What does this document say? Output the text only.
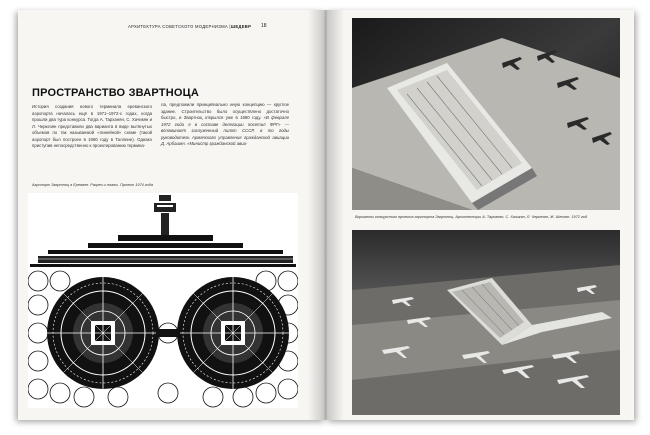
АРХИТЕКТУРА СОВЕТСКОГО МОДЕРНИЗМА |ШЕДЕВР 18
ПРОСТРАНСТВО ЗВАРТНОЦА
История создания нового терминала ереванского аэропорта началась ещё в 1971–1972-х годах, когда прошли два тура конкурса. Тогда А. Тарханян, С. Хачикян и Л. Черкезян представили два варианта в виде вытянутых объемов по так называемой «линейной» схеме (такой аэропорт был построен в 1980 году в Таллине). Однако приступив непосредственно к проектированию термина-
ла, предложили принципиально иную концепцию — круглое здание. Строительство было осуществлено достаточно быстро, и Звартноц открылся уже в 1980 году. «В феврале 1972 года я в составе делегации посетил ФРГ» — вспоминает заслуженный пилот СССР, в то годы руководитель Армянского управления гражданской авиации Д. Арбашян. «Министр гражданской авиа-
Аэропорт Звартноц в Ереване. Разрез и планы. Проект 1974 года
Варианты конкурсного проекта аэропорта Звартноц. Архитекторы А. Тарханян, С. Хачикян, Л. Черкезян, Ж. Шехлян. 1972 год
